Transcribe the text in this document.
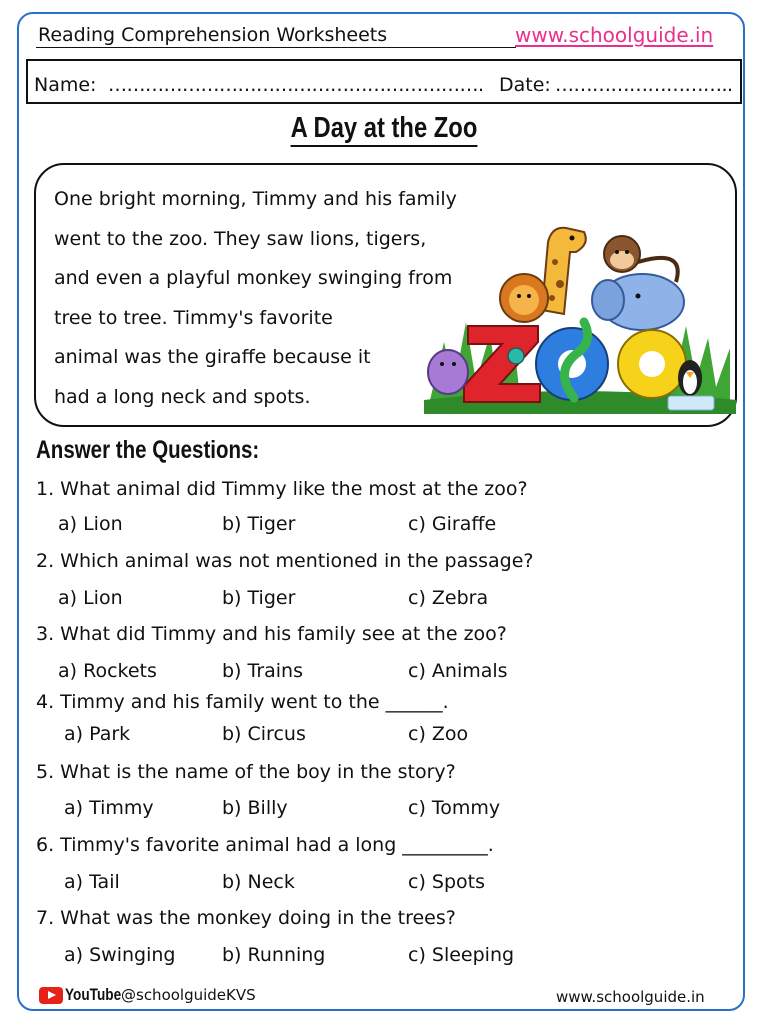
Reading Comprehension Worksheets	www.schoolguide.in
Name: ……………………………………………………. Date: ………………………..
A Day at the Zoo
One bright morning, Timmy and his family
went to the zoo. They saw lions, tigers,
and even a playful monkey swinging from
tree to tree. Timmy's favorite
animal was the giraffe because it
had a long neck and spots.
Answer the Questions:
1. What animal did Timmy like the most at the zoo?
a) Lion	b) Tiger	c) Giraffe
2. Which animal was not mentioned in the passage?
a) Lion	b) Tiger	c) Zebra
3. What did Timmy and his family see at the zoo?
a) Rockets	b) Trains	c) Animals
4. Timmy and his family went to the ______.
a) Park	b) Circus	c) Zoo
5. What is the name of the boy in the story?
a) Timmy	b) Billy	c) Tommy
6. Timmy's favorite animal had a long _________.
a) Tail	b) Neck	c) Spots
7. What was the monkey doing in the trees?
a) Swinging b) Running	c) Sleeping
YouTube @schoolguideKVS	www.schoolguide.in
